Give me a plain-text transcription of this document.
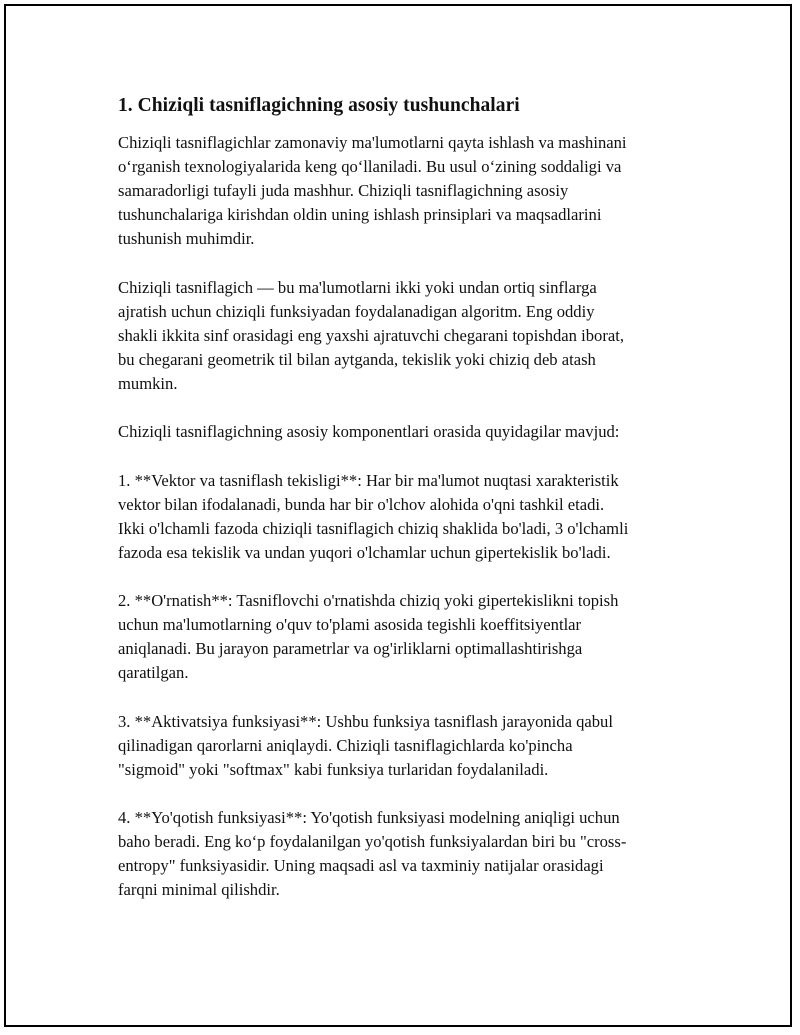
1. Chiziqli tasniflagichning asosiy tushunchalari

Chiziqli tasniflagichlar zamonaviy ma'lumotlarni qayta ishlash va mashinani
o‘rganish texnologiyalarida keng qo‘llaniladi. Bu usul o‘zining soddaligi va
samaradorligi tufayli juda mashhur. Chiziqli tasniflagichning asosiy
tushunchalariga kirishdan oldin uning ishlash prinsiplari va maqsadlarini
tushunish muhimdir.

Chiziqli tasniflagich — bu ma'lumotlarni ikki yoki undan ortiq sinflarga
ajratish uchun chiziqli funksiyadan foydalanadigan algoritm. Eng oddiy
shakli ikkita sinf orasidagi eng yaxshi ajratuvchi chegarani topishdan iborat,
bu chegarani geometrik til bilan aytganda, tekislik yoki chiziq deb atash
mumkin.

Chiziqli tasniflagichning asosiy komponentlari orasida quyidagilar mavjud:

1. **Vektor va tasniflash tekisligi**: Har bir ma'lumot nuqtasi xarakteristik
vektor bilan ifodalanadi, bunda har bir o'lchov alohida o'qni tashkil etadi.
Ikki o'lchamli fazoda chiziqli tasniflagich chiziq shaklida bo'ladi, 3 o'lchamli
fazoda esa tekislik va undan yuqori o'lchamlar uchun gipertekislik bo'ladi.

2. **O'rnatish**: Tasniflovchi o'rnatishda chiziq yoki gipertekislikni topish
uchun ma'lumotlarning o'quv to'plami asosida tegishli koeffitsiyentlar
aniqlanadi. Bu jarayon parametrlar va og'irliklarni optimallashtirishga
qaratilgan.

3. **Aktivatsiya funksiyasi**: Ushbu funksiya tasniflash jarayonida qabul
qilinadigan qarorlarni aniqlaydi. Chiziqli tasniflagichlarda ko'pincha
"sigmoid" yoki "softmax" kabi funksiya turlaridan foydalaniladi.

4. **Yo'qotish funksiyasi**: Yo'qotish funksiyasi modelning aniqligi uchun
baho beradi. Eng ko‘p foydalanilgan yo'qotish funksiyalardan biri bu "cross-
entropy" funksiyasidir. Uning maqsadi asl va taxminiy natijalar orasidagi
farqni minimal qilishdir.
